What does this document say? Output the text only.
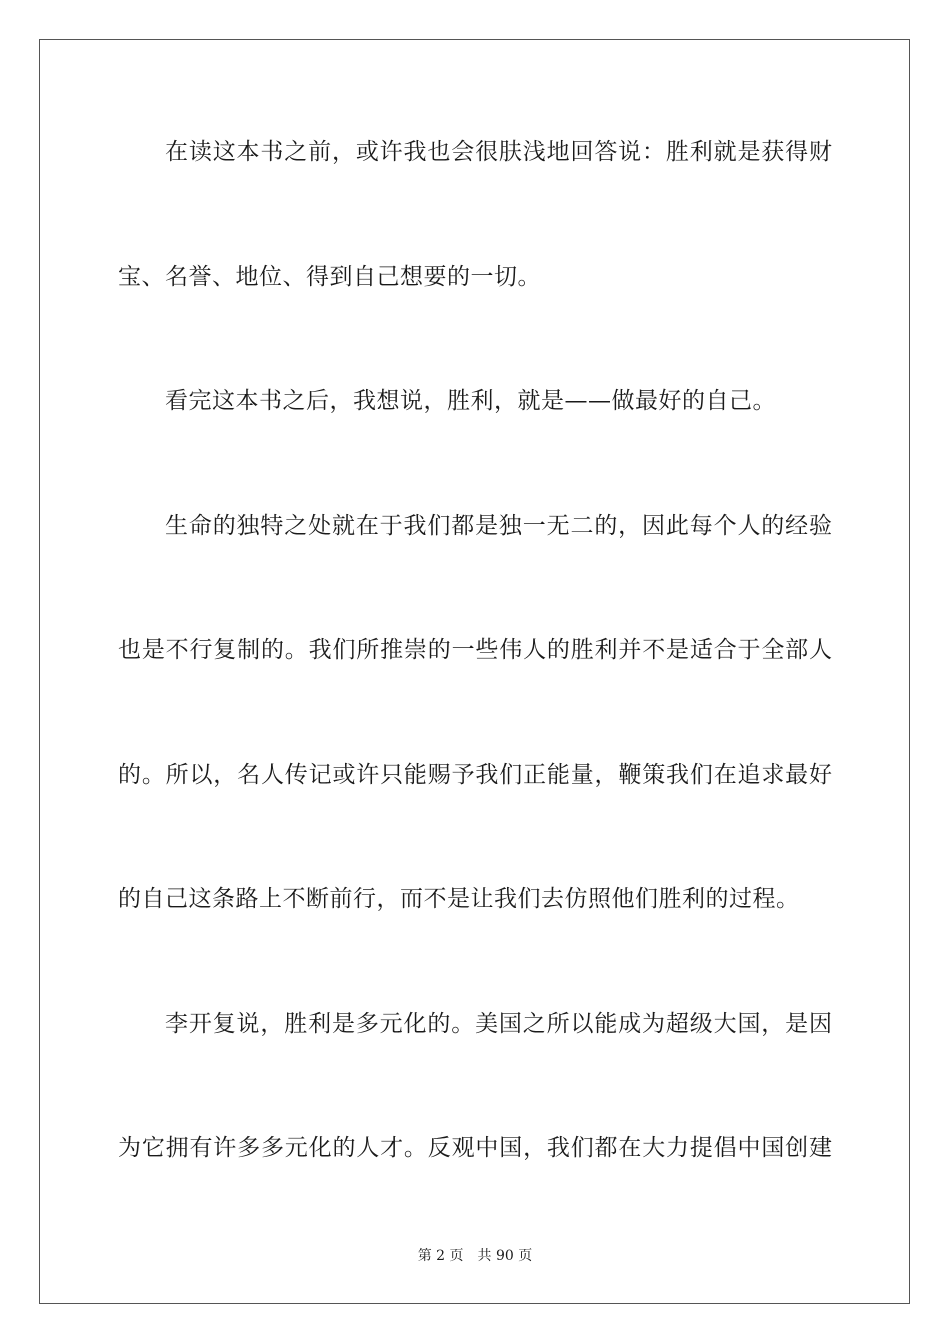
在读这本书之前，或许我也会很肤浅地回答说：胜利就是获得财
宝、名誉、地位、得到自己想要的一切。
看完这本书之后，我想说，胜利，就是——做最好的自己。
生命的独特之处就在于我们都是独一无二的，因此每个人的经验
也是不行复制的。我们所推崇的一些伟人的胜利并不是适合于全部人
的。所以，名人传记或许只能赐予我们正能量，鞭策我们在追求最好
的自己这条路上不断前行，而不是让我们去仿照他们胜利的过程。
李开复说，胜利是多元化的。美国之所以能成为超级大国，是因
为它拥有许多多元化的人才。反观中国，我们都在大力提倡中国创建
第 2 页 共 90 页
